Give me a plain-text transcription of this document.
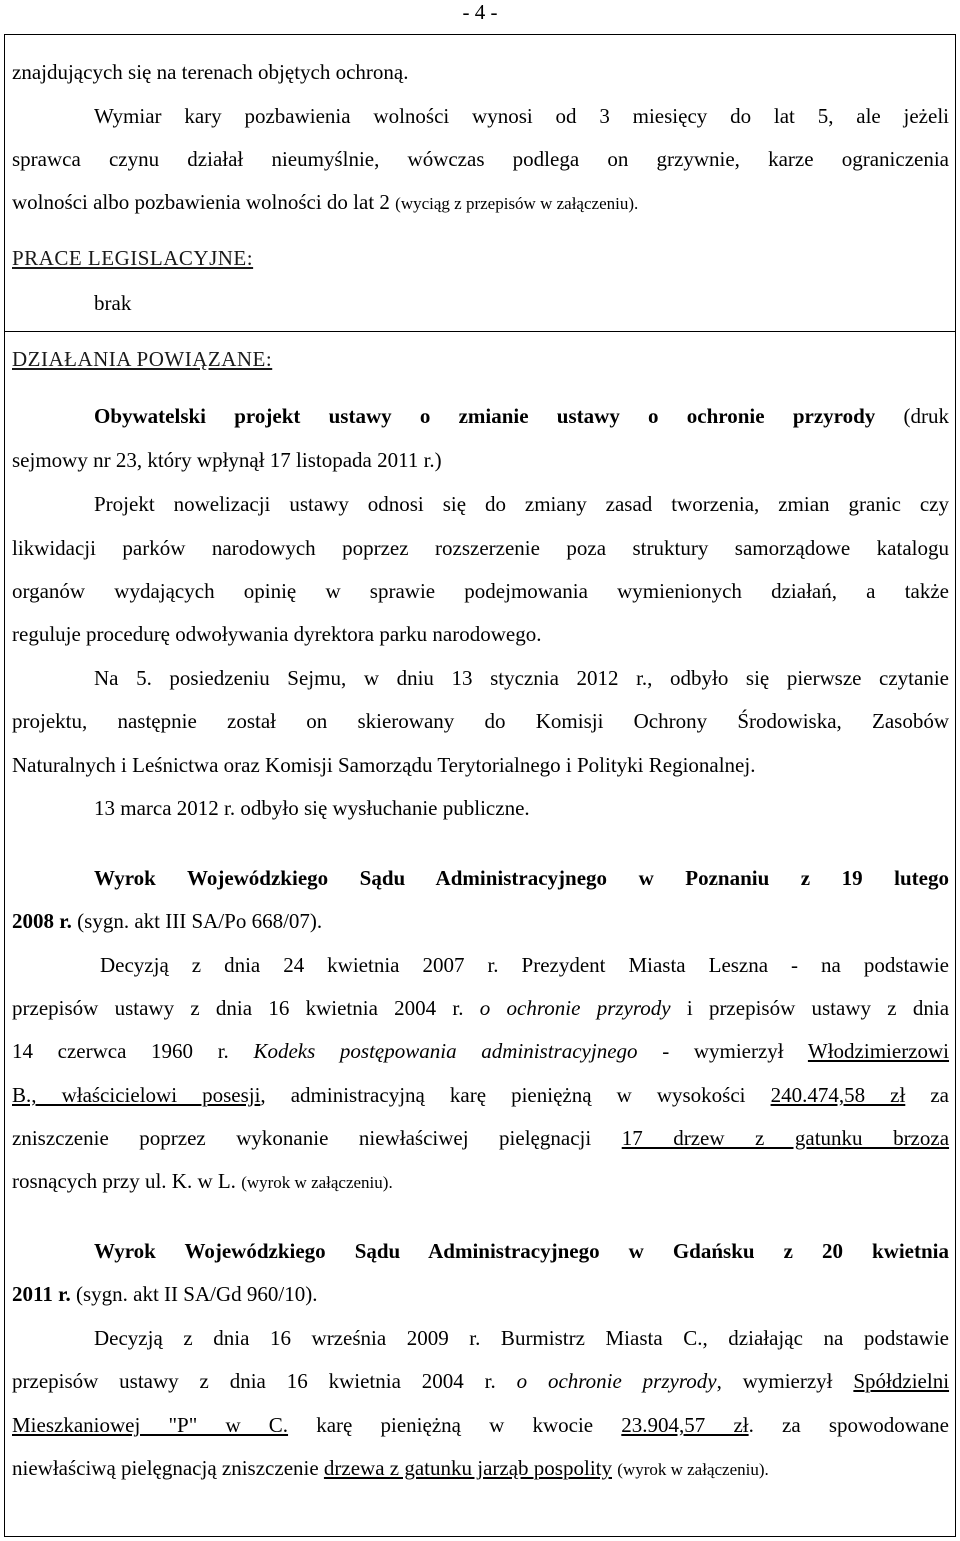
- 4 -
znajdujących się na terenach objętych ochroną.
Wymiar kary pozbawienia wolności wynosi od 3 miesięcy do lat 5, ale jeżeli
sprawca czynu działał nieumyślnie, wówczas podlega on grzywnie, karze ograniczenia
wolności albo pozbawienia wolności do lat 2 (wyciąg z przepisów w załączeniu).
PRACE LEGISLACYJNE:
brak
DZIAŁANIA POWIĄZANE:
Obywatelski projekt ustawy o zmianie ustawy o ochronie przyrody (druk
sejmowy nr 23, który wpłynął 17 listopada 2011 r.)
Projekt nowelizacji ustawy odnosi się do zmiany zasad tworzenia, zmian granic czy
likwidacji parków narodowych poprzez rozszerzenie poza struktury samorządowe katalogu
organów wydających opinię w sprawie podejmowania wymienionych działań, a także
reguluje procedurę odwoływania dyrektora parku narodowego.
Na 5. posiedzeniu Sejmu, w dniu 13 stycznia 2012 r., odbyło się pierwsze czytanie
projektu, następnie został on skierowany do Komisji Ochrony Środowiska, Zasobów
Naturalnych i Leśnictwa oraz Komisji Samorządu Terytorialnego i Polityki Regionalnej.
13 marca 2012 r. odbyło się wysłuchanie publiczne.
Wyrok Wojewódzkiego Sądu Administracyjnego w Poznaniu z 19 lutego
2008 r. (sygn. akt III SA/Po 668/07).
Decyzją z dnia 24 kwietnia 2007 r. Prezydent Miasta Leszna - na podstawie
przepisów ustawy z dnia 16 kwietnia 2004 r. o ochronie przyrody i przepisów ustawy z dnia
14 czerwca 1960 r. Kodeks postępowania administracyjnego - wymierzył Włodzimierzowi
B., właścicielowi posesji, administracyjną karę pieniężną w wysokości 240.474,58 zł za
zniszczenie poprzez wykonanie niewłaściwej pielęgnacji 17 drzew z gatunku brzoza
rosnących przy ul. K. w L. (wyrok w załączeniu).
Wyrok Wojewódzkiego Sądu Administracyjnego w Gdańsku z 20 kwietnia
2011 r. (sygn. akt II SA/Gd 960/10).
Decyzją z dnia 16 września 2009 r. Burmistrz Miasta C., działając na podstawie
przepisów ustawy z dnia 16 kwietnia 2004 r. o ochronie przyrody, wymierzył Spółdzielni
Mieszkaniowej "P" w C. karę pieniężną w kwocie 23.904,57 zł. za spowodowane
niewłaściwą pielęgnacją zniszczenie drzewa z gatunku jarząb pospolity (wyrok w załączeniu).
